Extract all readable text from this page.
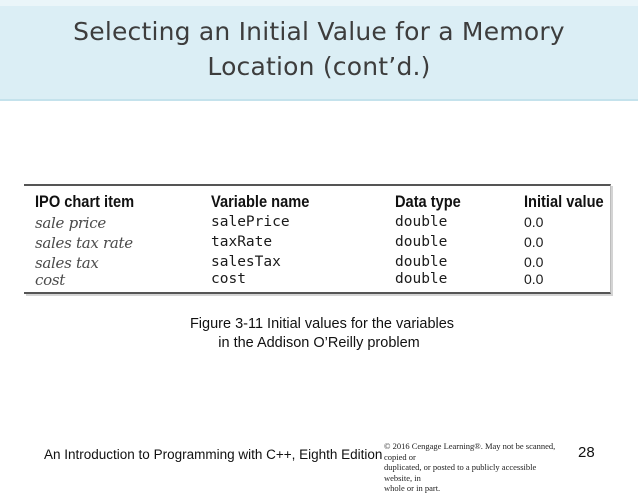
Selecting an Initial Value for a Memory
Location (cont’d.)
IPO chart item	Variable name	Data type	Initial value
sale price	salePrice	double	0.0
sales tax rate	taxRate	double	0.0
sales tax	salesTax	double	0.0
cost	cost	double	0.0
Figure 3-11 Initial values for the variables
in the Addison O’Reilly problem
An Introduction to Programming with C++, Eighth Edition
© 2016 Cengage Learning®. May not be scanned, copied or
duplicated, or posted to a publicly accessible website, in
whole or in part.
28
